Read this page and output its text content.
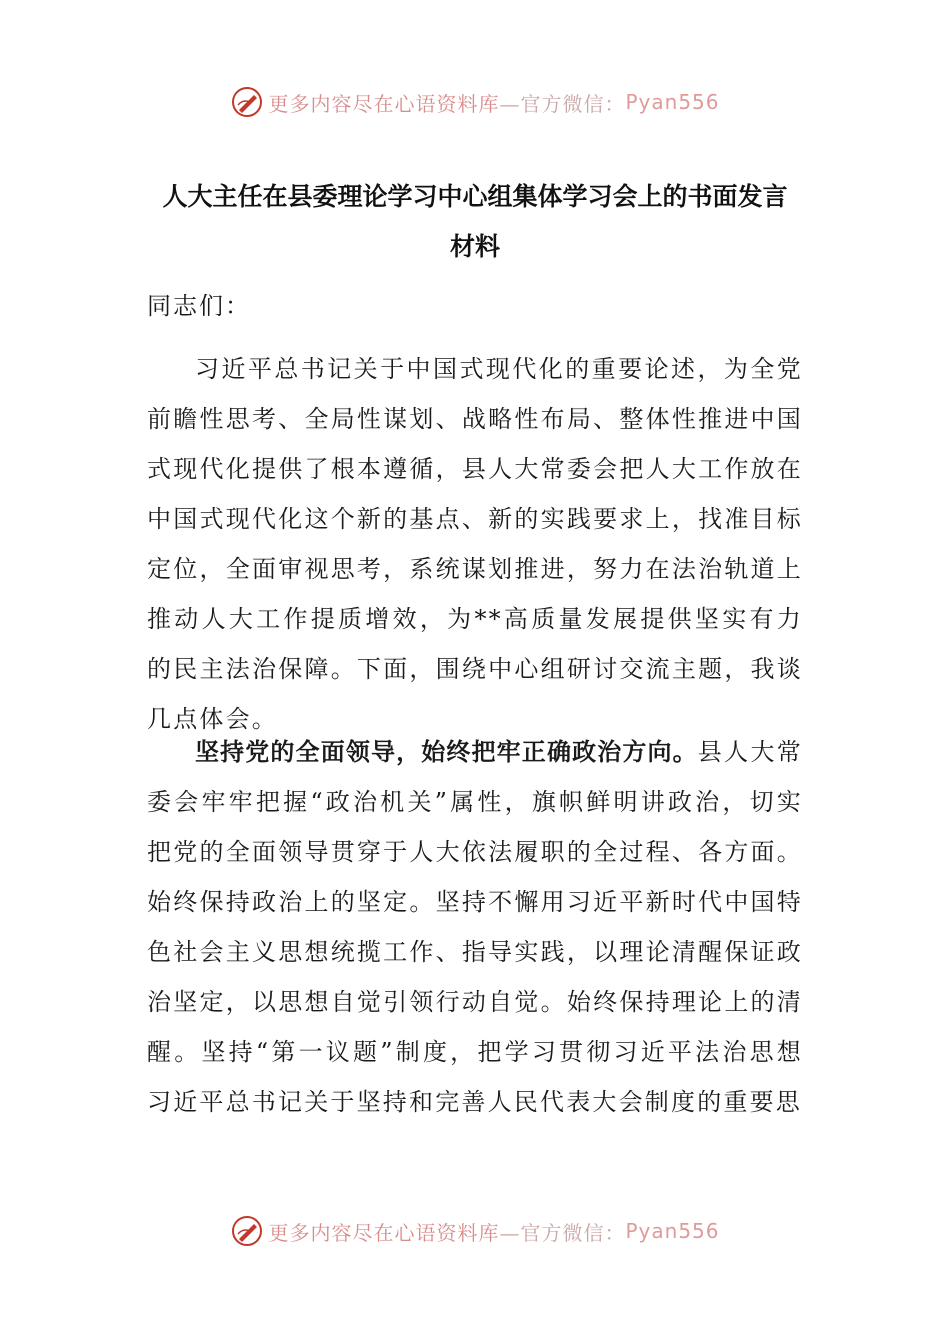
更多内容尽在心语资料库 —官方微信： Pyan556
人大主任在县委理论学习中心组集体学习会上的书面发言
材料
同志们：

习近平总书记关于中国式现代化的重要论述，为全党前瞻性思考、全局性谋划、战略性布局、整体性推进中国式现代化提供了根本遵循，县人大常委会把人大工作放在中国式现代化这个新的基点、新的实践要求上，找准目标定位，全面审视思考，系统谋划推进，努力在法治轨道上推动人大工作提质增效，为**高质量发展提供坚实有力的民主法治保障。下面，围绕中心组研讨交流主题，我谈几点体会。

坚持党的全面领导，始终把牢正确政治方向。县人大常委会牢牢把握“政治机关”属性，旗帜鲜明讲政治，切实把党的全面领导贯穿于人大依法履职的全过程、各方面。始终保持政治上的坚定。坚持不懈用习近平新时代中国特色社会主义思想统揽工作、指导实践，以理论清醒保证政治坚定，以思想自觉引领行动自觉。始终保持理论上的清醒。坚持“第一议题”制度，把学习贯彻习近平法治思想习近平总书记关于坚持和完善人民代表大会制度的重要思

更多内容尽在心语资料库 —官方微信： Pyan556
